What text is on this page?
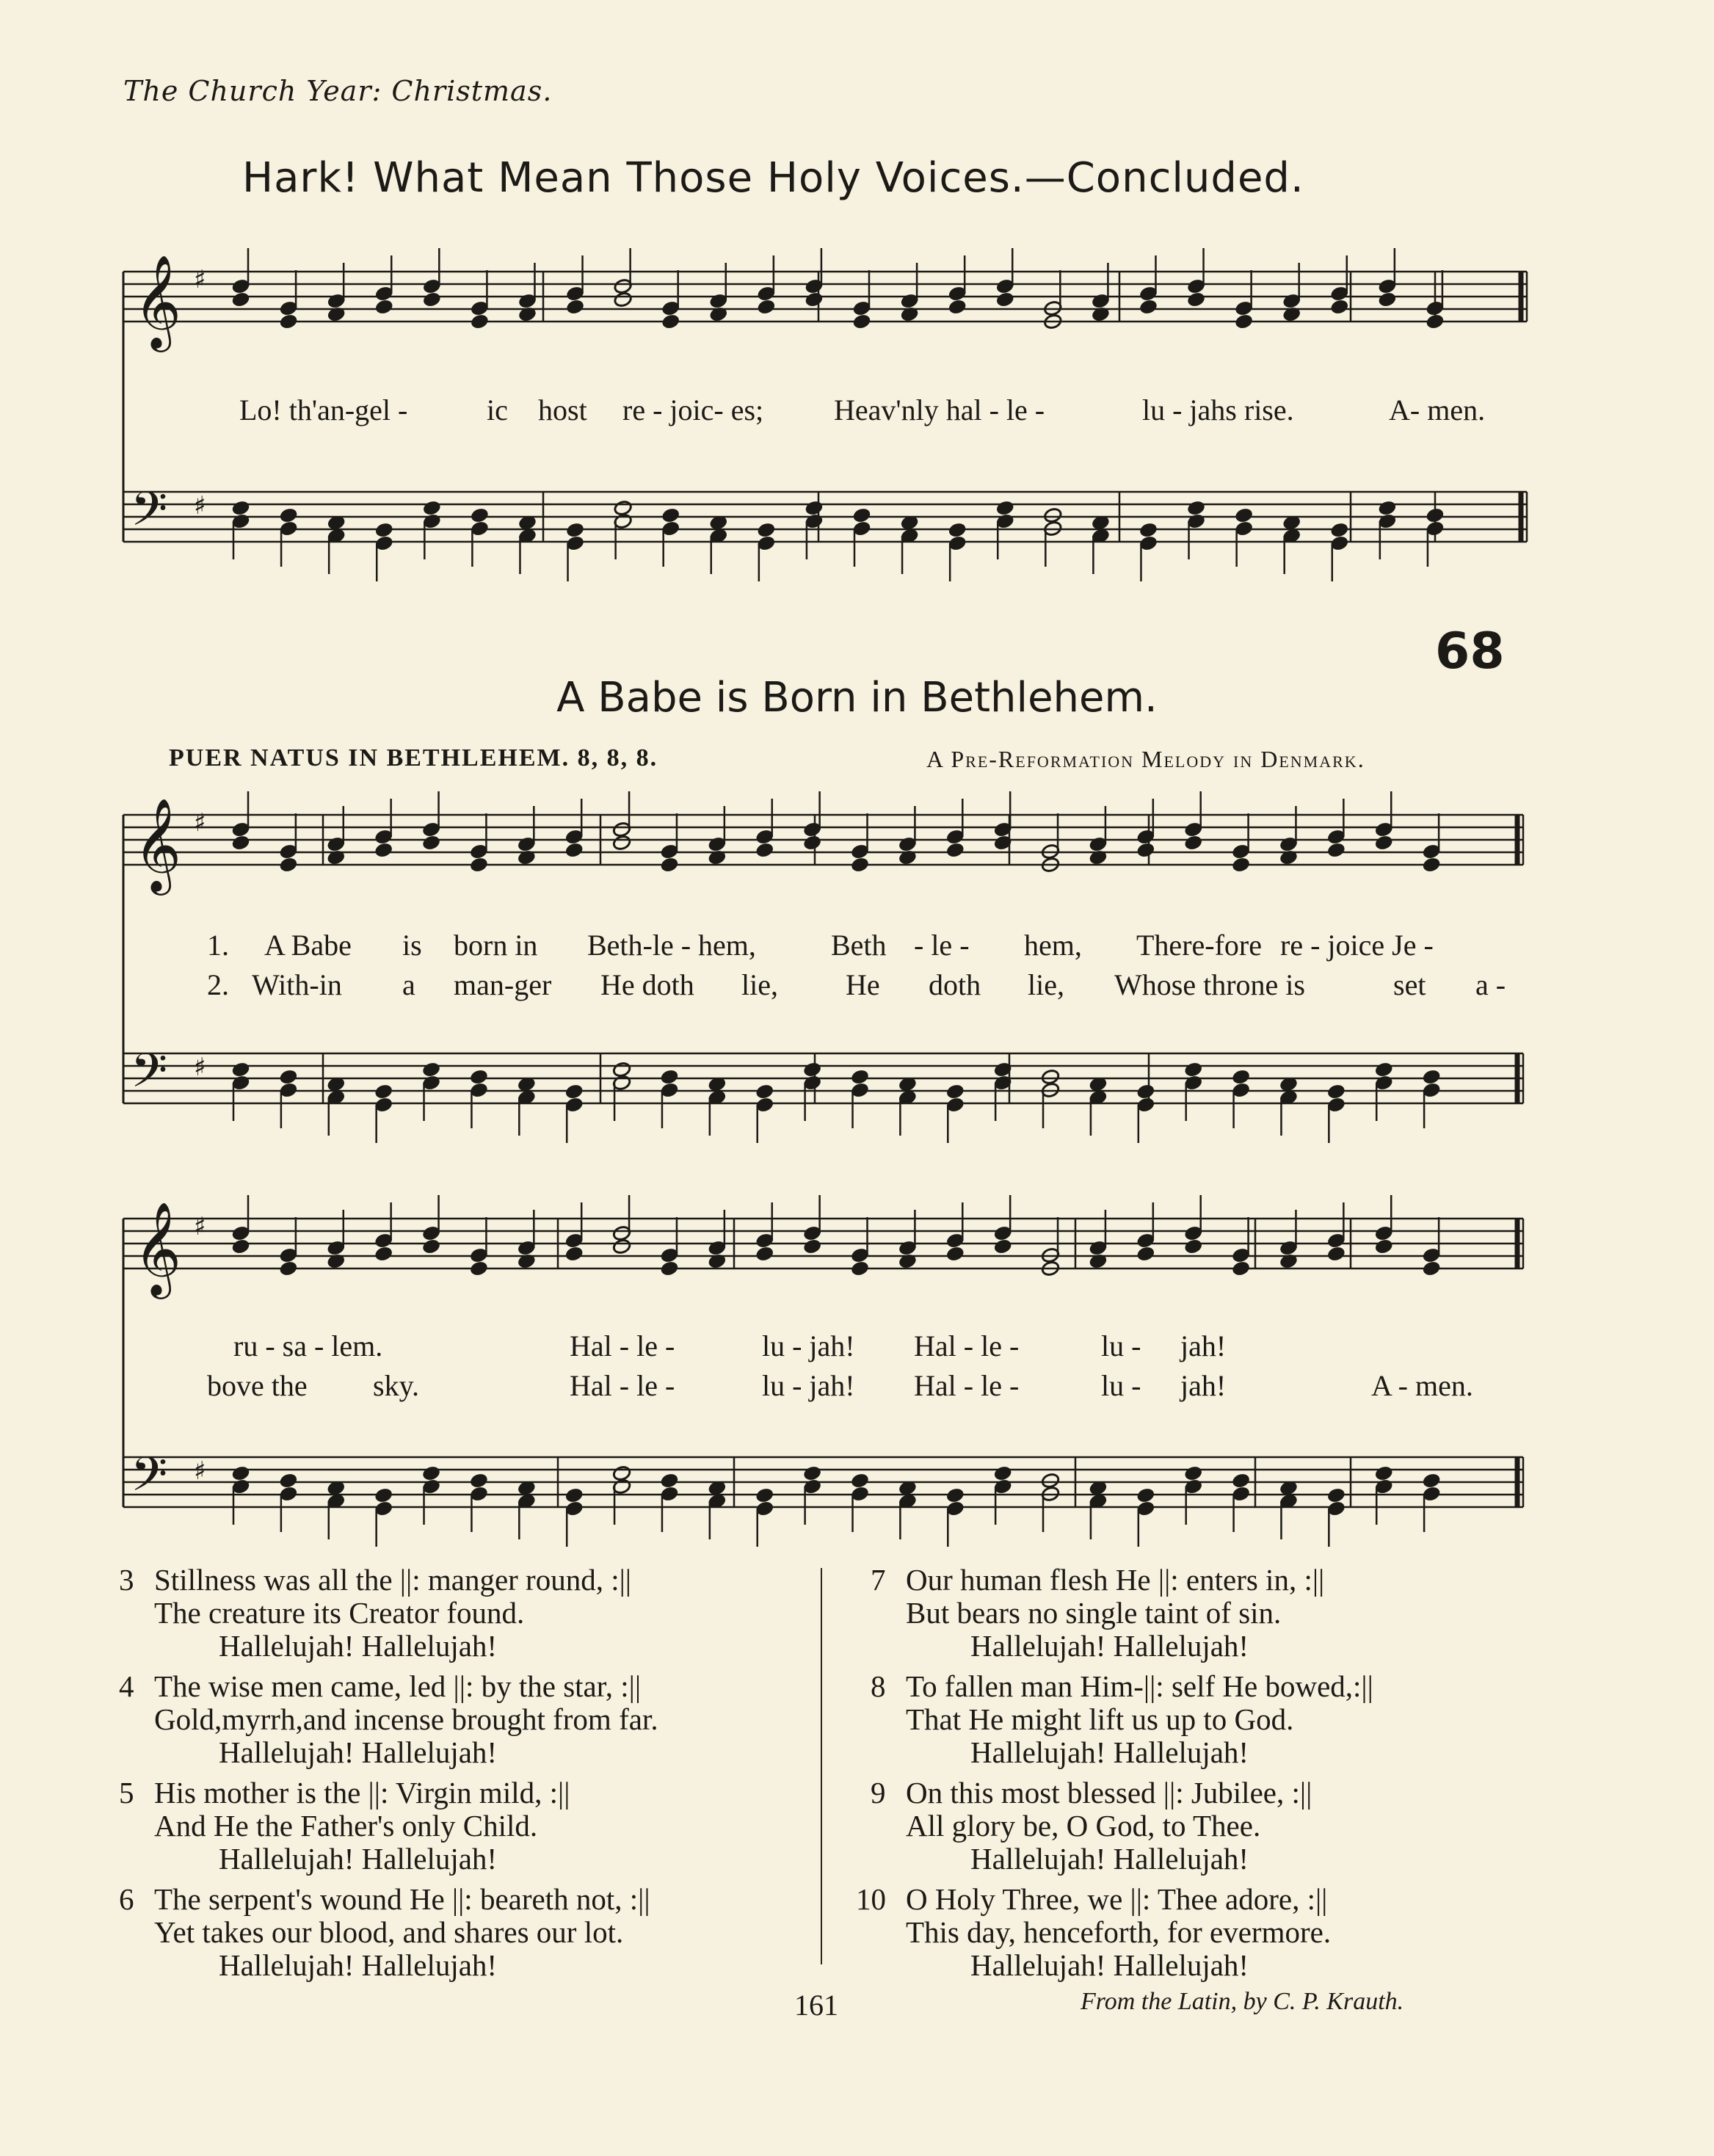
The Church Year: Christmas.
Hark! What Mean Those Holy Voices.—Concluded.
68
A Babe is Born in Bethlehem.
PUER NATUS IN BETHLEHEM. 8, 8, 8.	A Pre-Reformation Melody in Denmark.
𝄞
𝄢
♯
♯
𝄞
𝄢
♯
♯
𝄞
𝄢
♯
♯
Lo! th'an-gel -	ic host re - joic- es; Heav'nly hal - le -	lu - jahs rise.	A- men.
1. A Babe is born in Beth-le - hem,	Beth - le - hem, There-fore re - joice Je -
2. With-in a man-ger He doth lie, He doth lie, Whose throne is	set a -
ru - sa - lem.	Hal - le -	lu - jah! Hal - le -	lu - jah!
bove the sky.	Hal - le -	lu - jah! Hal - le -	lu - jah!	A - men.
3 Stillness was all the ||: manger round, :||
The creature its Creator found.
Hallelujah! Hallelujah!
4 The wise men came, led ||: by the star, :||
Gold,myrrh,and incense brought from far.
Hallelujah! Hallelujah!
5 His mother is the ||: Virgin mild, :||
And He the Father's only Child.
Hallelujah! Hallelujah!
6 The serpent's wound He ||: beareth not, :||
Yet takes our blood, and shares our lot.
Hallelujah! Hallelujah!
7 Our human flesh He ||: enters in, :||
But bears no single taint of sin.
Hallelujah! Hallelujah!
8 To fallen man Him-||: self He bowed,:||
That He might lift us up to God.
Hallelujah! Hallelujah!
9 On this most blessed ||: Jubilee, :||
All glory be, O God, to Thee.
Hallelujah! Hallelujah!
10 O Holy Three, we ||: Thee adore, :||
This day, henceforth, for evermore.
Hallelujah! Hallelujah!
161	From the Latin, by C. P. Krauth.
